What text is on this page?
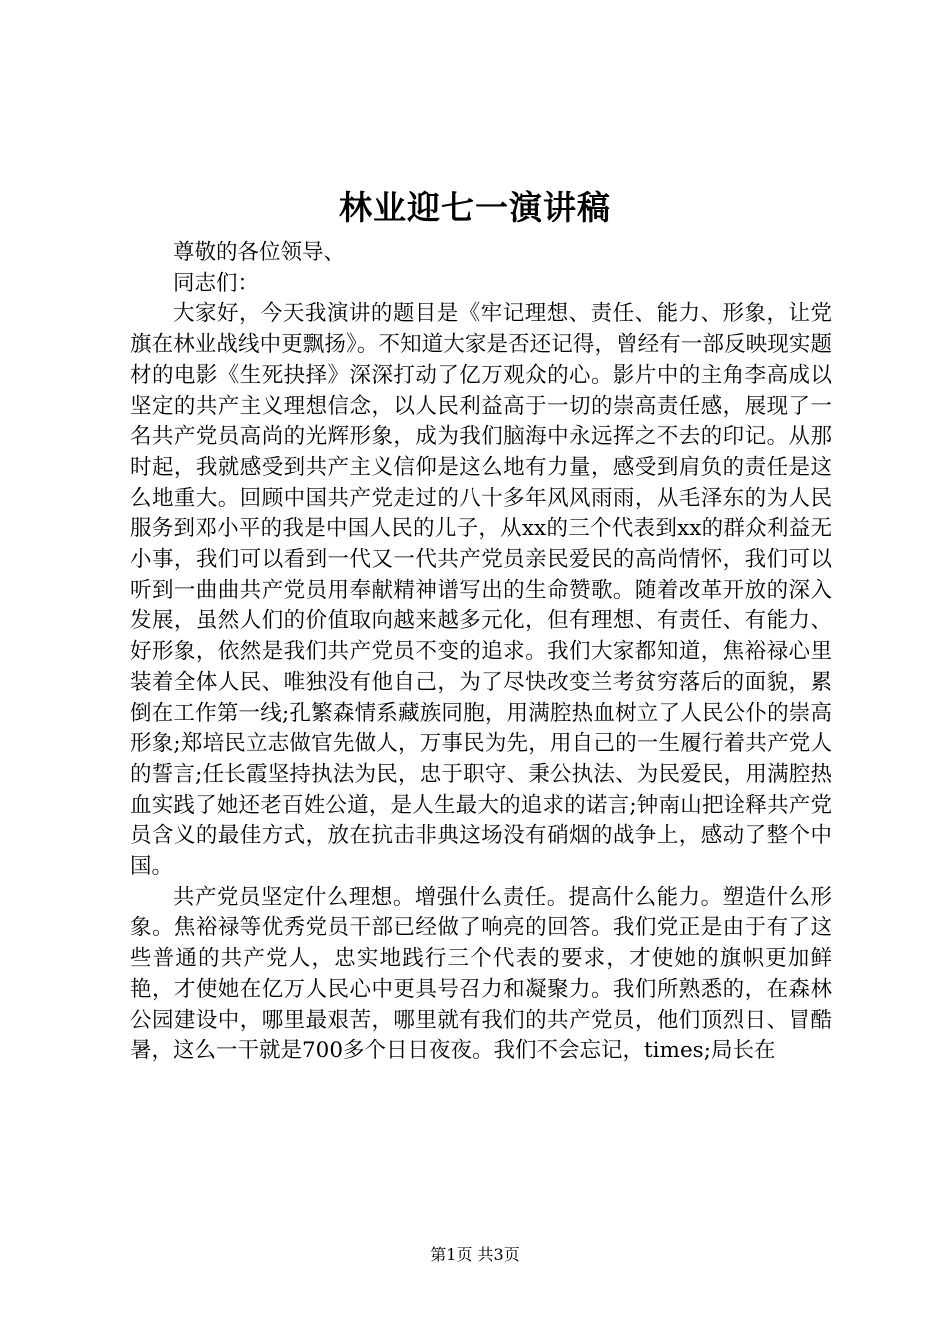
林业迎七一演讲稿

尊敬的各位领导、

同志们：

大家好，今天我演讲的题目是《牢记理想、责任、能力、形象，让党旗在林业战线中更飘扬》。不知道大家是否还记得，曾经有一部反映现实题材的电影《生死抉择》深深打动了亿万观众的心。影片中的主角李高成以坚定的共产主义理想信念，以人民利益高于一切的崇高责任感，展现了一名共产党员高尚的光辉形象，成为我们脑海中永远挥之不去的印记。从那时起，我就感受到共产主义信仰是这么地有力量，感受到肩负的责任是这么地重大。回顾中国共产党走过的八十多年风风雨雨，从毛泽东的为人民服务到邓小平的我是中国人民的儿子，从xx的三个代表到xx的群众利益无小事，我们可以看到一代又一代共产党员亲民爱民的高尚情怀，我们可以听到一曲曲共产党员用奉献精神谱写出的生命赞歌。随着改革开放的深入发展，虽然人们的价值取向越来越多元化，但有理想、有责任、有能力、好形象，依然是我们共产党员不变的追求。我们大家都知道，焦裕禄心里装着全体人民、唯独没有他自己，为了尽快改变兰考贫穷落后的面貌，累倒在工作第一线;孔繁森情系藏族同胞，用满腔热血树立了人民公仆的崇高形象;郑培民立志做官先做人，万事民为先，用自己的一生履行着共产党人的誓言;任长霞坚持执法为民，忠于职守、秉公执法、为民爱民，用满腔热血实践了她还老百姓公道，是人生最大的追求的诺言;钟南山把诠释共产党员含义的最佳方式，放在抗击非典这场没有硝烟的战争上，感动了整个中国。

共产党员坚定什么理想。增强什么责任。提高什么能力。塑造什么形象。焦裕禄等优秀党员干部已经做了响亮的回答。我们党正是由于有了这些普通的共产党人，忠实地践行三个代表的要求，才使她的旗帜更加鲜艳，才使她在亿万人民心中更具号召力和凝聚力。我们所熟悉的，在森林公园建设中，哪里最艰苦，哪里就有我们的共产党员，他们顶烈日、冒酷暑，这么一干就是700多个日日夜夜。我们不会忘记，times;局长在

第1页 共3页
